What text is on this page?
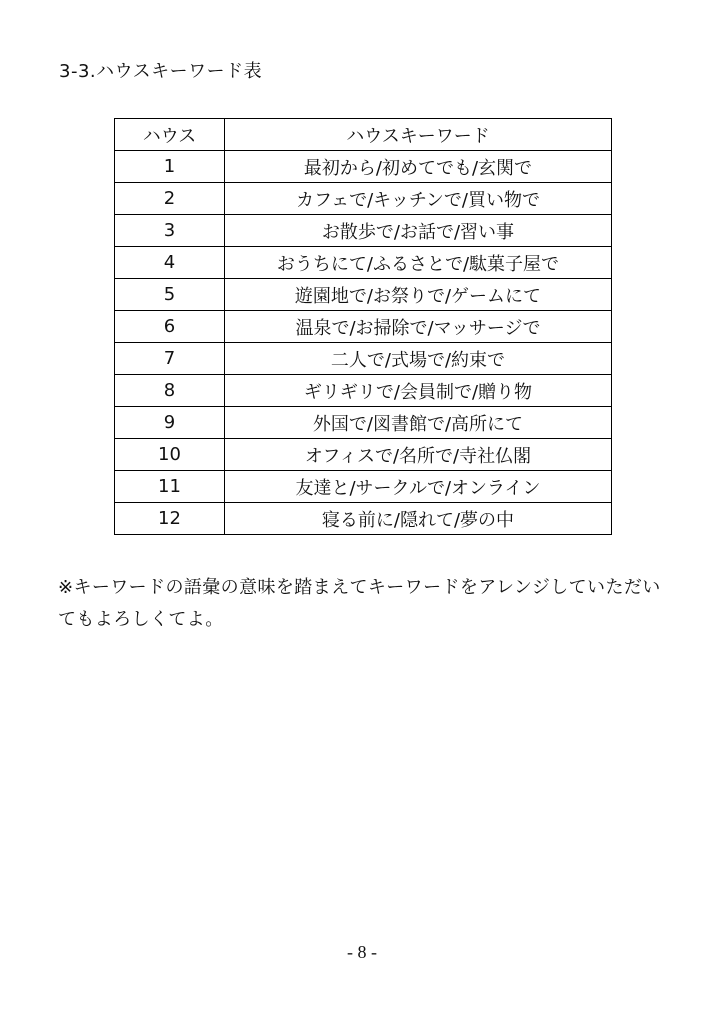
3-3.ハウスキーワード表
ハウス	ハウスキーワード
1	最初から/初めてでも/玄関で
2	カフェで/キッチンで/買い物で
3	お散歩で/お話で/習い事
4	おうちにて/ふるさとで/駄菓子屋で
5	遊園地で/お祭りで/ゲームにて
6	温泉で/お掃除で/マッサージで
7	二人で/式場で/約束で
8	ギリギリで/会員制で/贈り物
9	外国で/図書館で/高所にて
10	オフィスで/名所で/寺社仏閣
11	友達と/サークルで/オンライン
12	寝る前に/隠れて/夢の中
※キーワードの語彙の意味を踏まえてキーワードをアレンジしていただいてもよろしくてよ。
- 8 -
